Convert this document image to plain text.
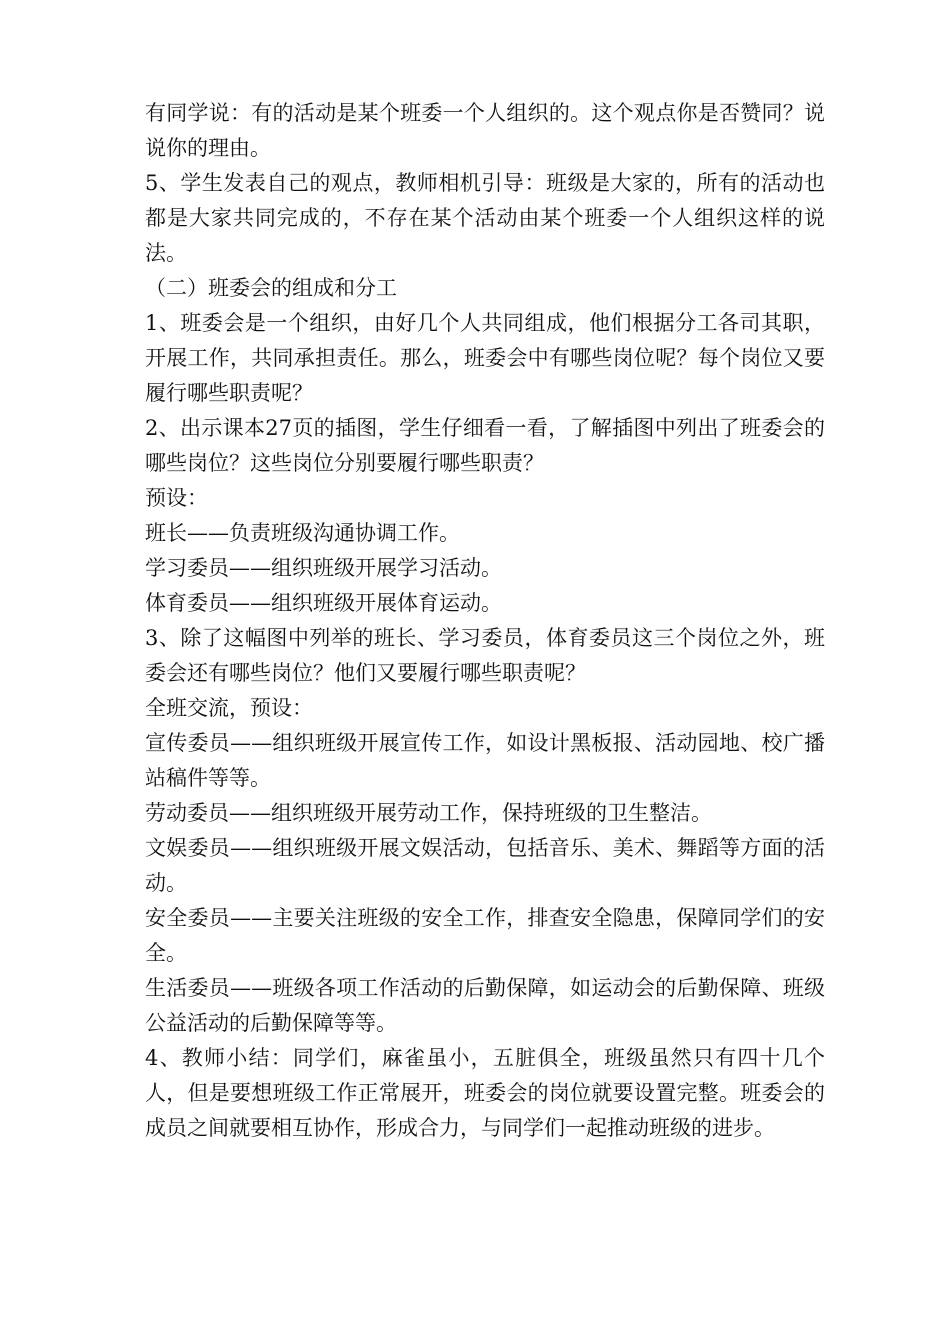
有同学说：有的活动是某个班委一个人组织的。这个观点你是否赞同？说说你的理由。

5、学生发表自己的观点，教师相机引导：班级是大家的，所有的活动也都是大家共同完成的，不存在某个活动由某个班委一个人组织这样的说法。

（二）班委会的组成和分工

1、班委会是一个组织，由好几个人共同组成，他们根据分工各司其职，开展工作，共同承担责任。那么，班委会中有哪些岗位呢？每个岗位又要履行哪些职责呢？

2、出示课本27页的插图，学生仔细看一看，了解插图中列出了班委会的哪些岗位？这些岗位分别要履行哪些职责？

预设：

班长——负责班级沟通协调工作。

学习委员——组织班级开展学习活动。

体育委员——组织班级开展体育运动。

3、除了这幅图中列举的班长、学习委员，体育委员这三个岗位之外，班委会还有哪些岗位？他们又要履行哪些职责呢？

全班交流，预设：

宣传委员——组织班级开展宣传工作，如设计黑板报、活动园地、校广播站稿件等等。

劳动委员——组织班级开展劳动工作，保持班级的卫生整洁。

文娱委员——组织班级开展文娱活动，包括音乐、美术、舞蹈等方面的活动。

安全委员——主要关注班级的安全工作，排查安全隐患，保障同学们的安全。

生活委员——班级各项工作活动的后勤保障，如运动会的后勤保障、班级公益活动的后勤保障等等。

4、教师小结：同学们，麻雀虽小，五脏俱全，班级虽然只有四十几个人，但是要想班级工作正常展开，班委会的岗位就要设置完整。班委会的成员之间就要相互协作，形成合力，与同学们一起推动班级的进步。
